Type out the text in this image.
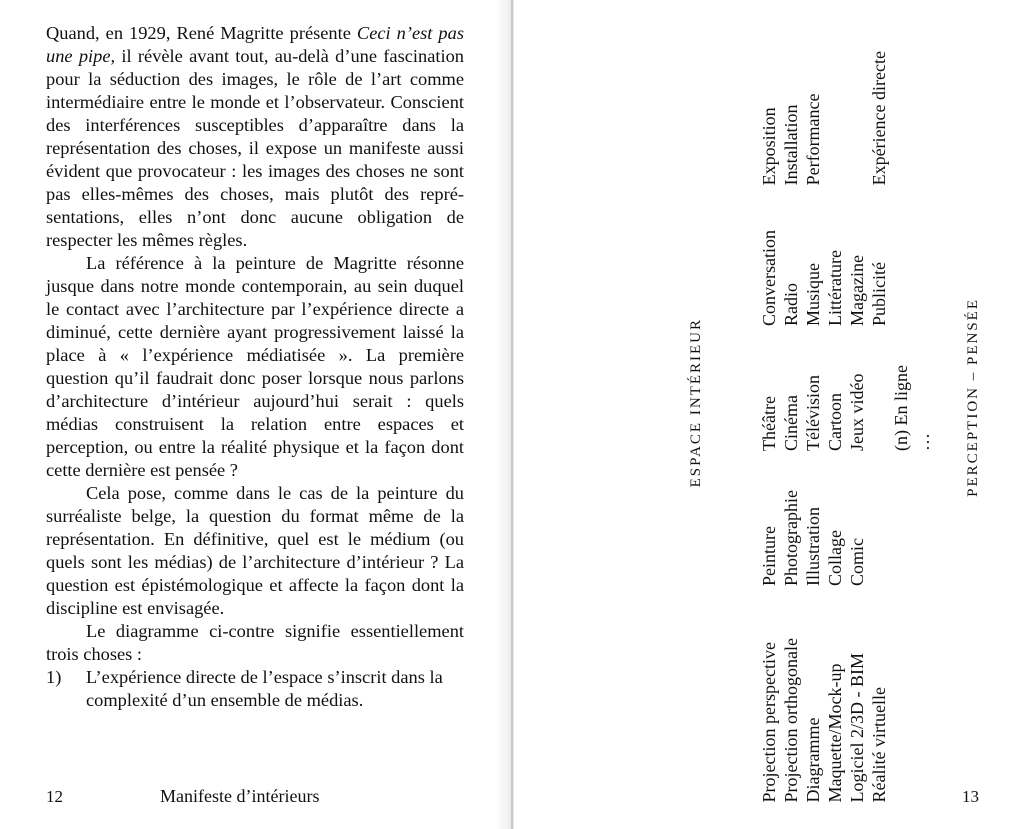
Quand, en 1929, René Magritte présente Ceci n’est pas une pipe, il révèle avant tout, au-delà d’une fascination pour la séduction des images, le rôle de l’art comme intermédiaire entre le monde et l’observateur. Conscient des interférences susceptibles d’apparaître dans la représentation des choses, il expose un manifeste aussi évident que provocateur : les images des choses ne sont pas elles-mêmes des choses, mais plutôt des représentations, elles n’ont donc aucune obligation de respecter les mêmes règles.

La référence à la peinture de Magritte résonne jusque dans notre monde contemporain, au sein duquel le contact avec l’architecture par l’expérience directe a diminué, cette dernière ayant progressivement laissé la place à « l’expérience médiatisée ». La première question qu’il faudrait donc poser lorsque nous parlons d’architecture d’intérieur aujourd’hui serait : quels médias construisent la relation entre espaces et perception, ou entre la réalité physique et la façon dont cette dernière est pensée ?

Cela pose, comme dans le cas de la peinture du surréaliste belge, la question du format même de la représentation. En définitive, quel est le médium (ou quels sont les médias) de l’architecture d’intérieur ? La question est épistémologique et affecte la façon dont la discipline est envisagée.

Le diagramme ci-contre signifie essentiellement trois choses :

1)	L’expérience directe de l’espace s’inscrit dans la complexité d’un ensemble de médias.
12	Manifeste d’intérieurs
ESPACE INTÉRIEUR	PERCEPTION – PENSÉE
Projection perspective Projection orthogonale Diagramme Maquette/Mock-up Logiciel 2/3D - BIM Réalité virtuelle
Peinture Photographie Illustration Collage Comic
Théâtre Cinéma Télévision Cartoon Jeux vidéo
(n) En ligne …
Conversation Radio Musique Littérature Magazine Publicité
Exposition Installation Performance

	Expérience directe
13
